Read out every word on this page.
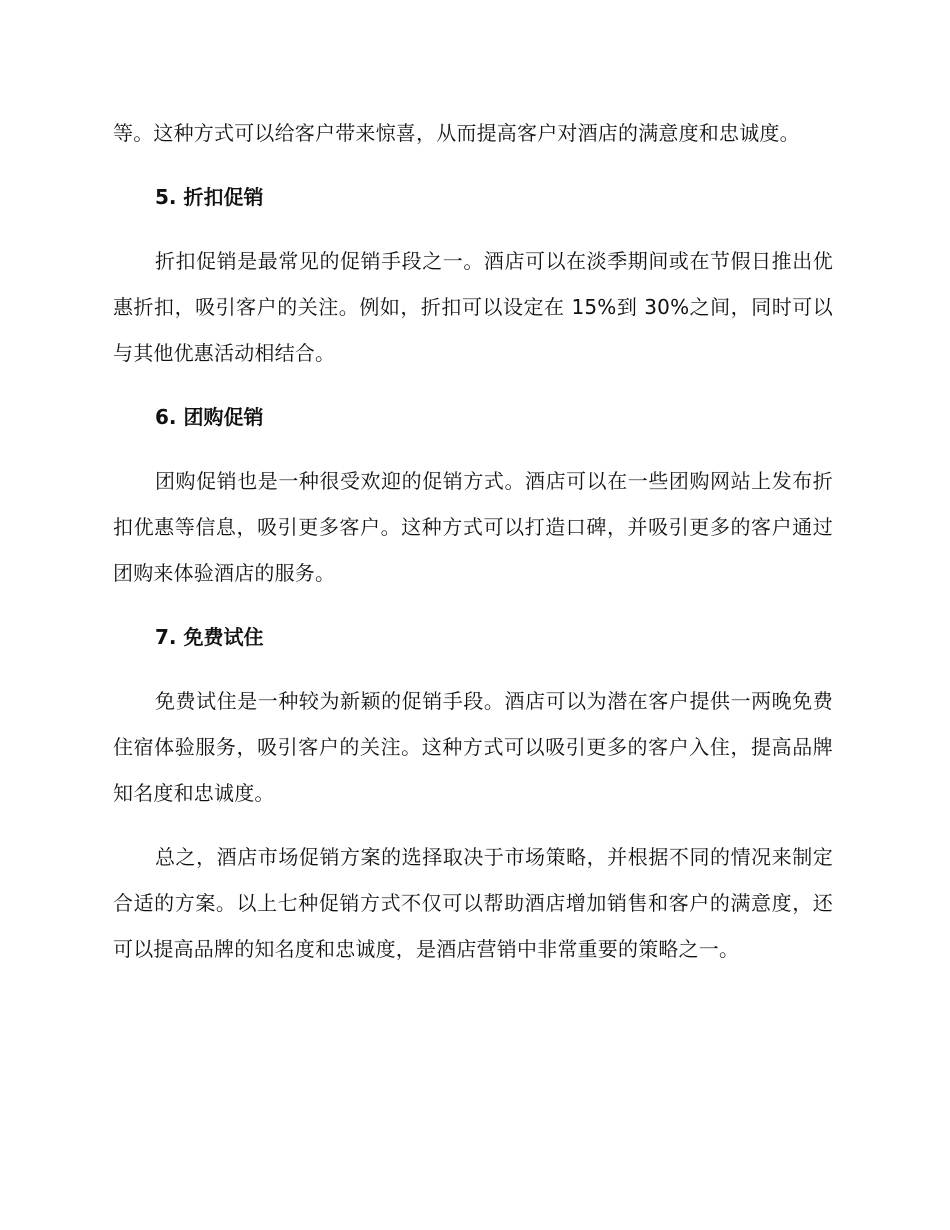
等。这种方式可以给客户带来惊喜，从而提高客户对酒店的满意度和忠诚度。

5. 折扣促销

折扣促销是最常见的促销手段之一。酒店可以在淡季期间或在节假日推出优惠折扣，吸引客户的关注。例如，折扣可以设定在 15%到 30%之间，同时可以与其他优惠活动相结合。

6. 团购促销

团购促销也是一种很受欢迎的促销方式。酒店可以在一些团购网站上发布折扣优惠等信息，吸引更多客户。这种方式可以打造口碑，并吸引更多的客户通过团购来体验酒店的服务。

7. 免费试住

免费试住是一种较为新颖的促销手段。酒店可以为潜在客户提供一两晚免费住宿体验服务，吸引客户的关注。这种方式可以吸引更多的客户入住，提高品牌知名度和忠诚度。

总之，酒店市场促销方案的选择取决于市场策略，并根据不同的情况来制定合适的方案。以上七种促销方式不仅可以帮助酒店增加销售和客户的满意度，还可以提高品牌的知名度和忠诚度，是酒店营销中非常重要的策略之一。
